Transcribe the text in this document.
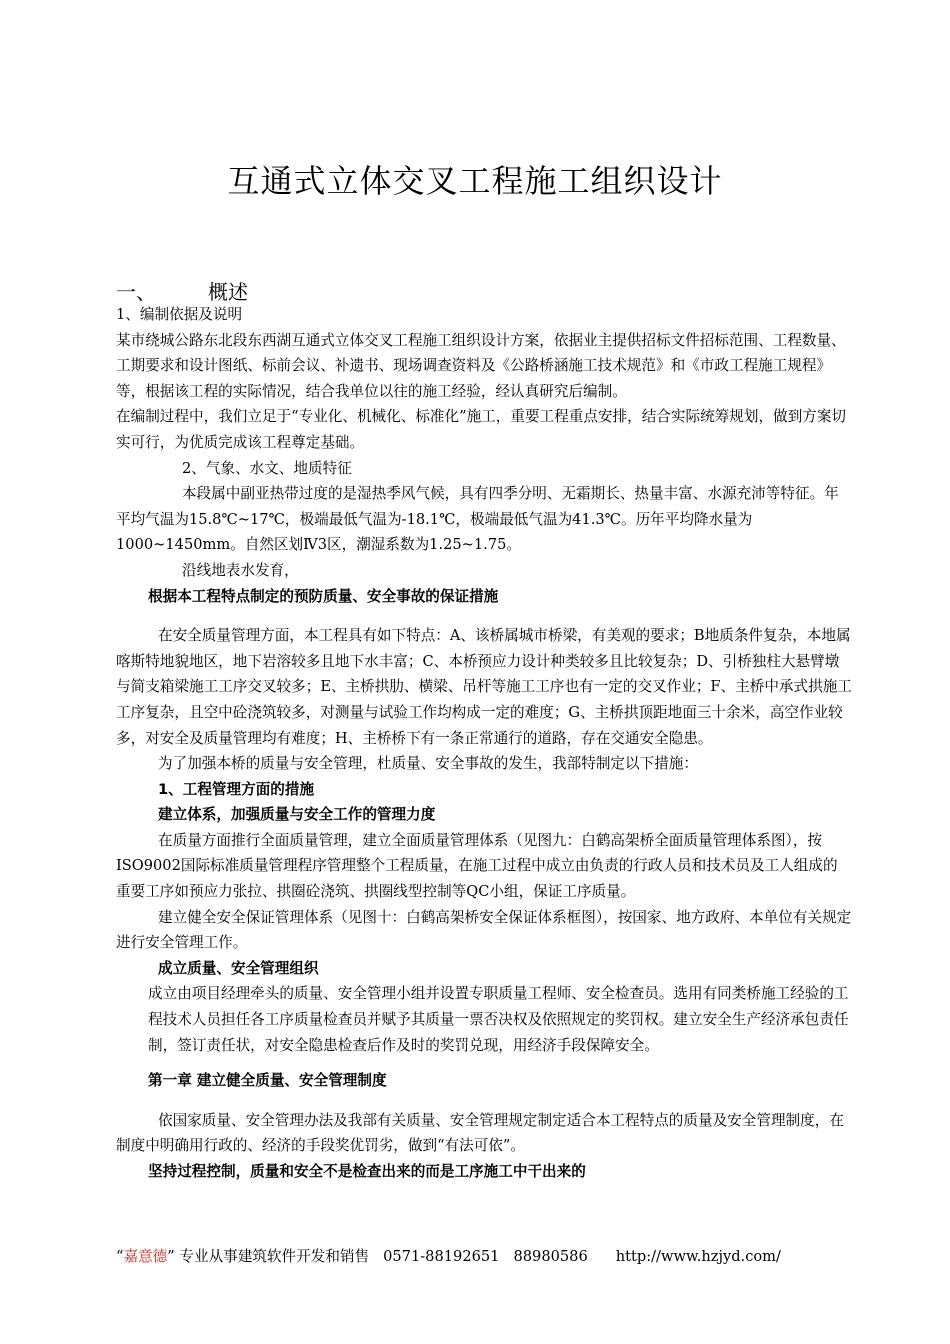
互通式立体交叉工程施工组织设计
一、	概述

1、编制依据及说明

某市绕城公路东北段东西湖互通式立体交叉工程施工组织设计方案，依据业主提供招标文件招标范围、工程数量、工期要求和设计图纸、标前会议、补遗书、现场调查资料及《公路桥涵施工技术规范》和《市政工程施工规程》等，根据该工程的实际情况，结合我单位以往的施工经验，经认真研究后编制。

在编制过程中，我们立足于“专业化、机械化、标准化”施工，重要工程重点安排，结合实际统筹规划，做到方案切实可行，为优质完成该工程尊定基础。

2、气象、水文、地质特征

本段属中副亚热带过度的是湿热季风气候，具有四季分明、无霜期长、热量丰富、水源充沛等特征。年平均气温为15.8℃~17℃，极端最低气温为-18.1℃，极端最低气温为41.3℃。历年平均降水量为1000~1450mm。自然区划Ⅳ3区，潮湿系数为1.25~1.75。

沿线地表水发育，

根据本工程特点制定的预防质量、安全事故的保证措施

在安全质量管理方面，本工程具有如下特点：A、该桥属城市桥梁，有美观的要求；B地质条件复杂，本地属喀斯特地貌地区，地下岩溶较多且地下水丰富；C、本桥预应力设计种类较多且比较复杂；D、引桥独柱大悬臂墩与简支箱梁施工工序交叉较多；E、主桥拱肋、横梁、吊杆等施工工序也有一定的交叉作业；F、主桥中承式拱施工工序复杂，且空中砼浇筑较多，对测量与试验工作均构成一定的难度；G、主桥拱顶距地面三十余米，高空作业较多，对安全及质量管理均有难度；H、主桥桥下有一条正常通行的道路，存在交通安全隐患。

为了加强本桥的质量与安全管理，杜质量、安全事故的发生，我部特制定以下措施：

1、工程管理方面的措施

建立体系，加强质量与安全工作的管理力度

在质量方面推行全面质量管理，建立全面质量管理体系（见图九：白鹤高架桥全面质量管理体系图），按ISO9002国际标准质量管理程序管理整个工程质量，在施工过程中成立由负责的行政人员和技术员及工人组成的重要工序如预应力张拉、拱圈砼浇筑、拱圈线型控制等QC小组，保证工序质量。

建立健全安全保证管理体系（见图十：白鹤高架桥安全保证体系框图），按国家、地方政府、本单位有关规定进行安全管理工作。

成立质量、安全管理组织

成立由项目经理牵头的质量、安全管理小组并设置专职质量工程师、安全检查员。选用有同类桥施工经验的工程技术人员担任各工序质量检查员并赋予其质量一票否决权及依照规定的奖罚权。建立安全生产经济承包责任制，签订责任状，对安全隐患检查后作及时的奖罚兑现，用经济手段保障安全。

第一章 建立健全质量、安全管理制度

依国家质量、安全管理办法及我部有关质量、安全管理规定制定适合本工程特点的质量及安全管理制度，在制度中明确用行政的、经济的手段奖优罚劣，做到“有法可依”。

坚持过程控制，质量和安全不是检查出来的而是工序施工中干出来的

“嘉意德” 专业从事建筑软件开发和销售 0571-88192651 88980586 http://www.hzjyd.com/
